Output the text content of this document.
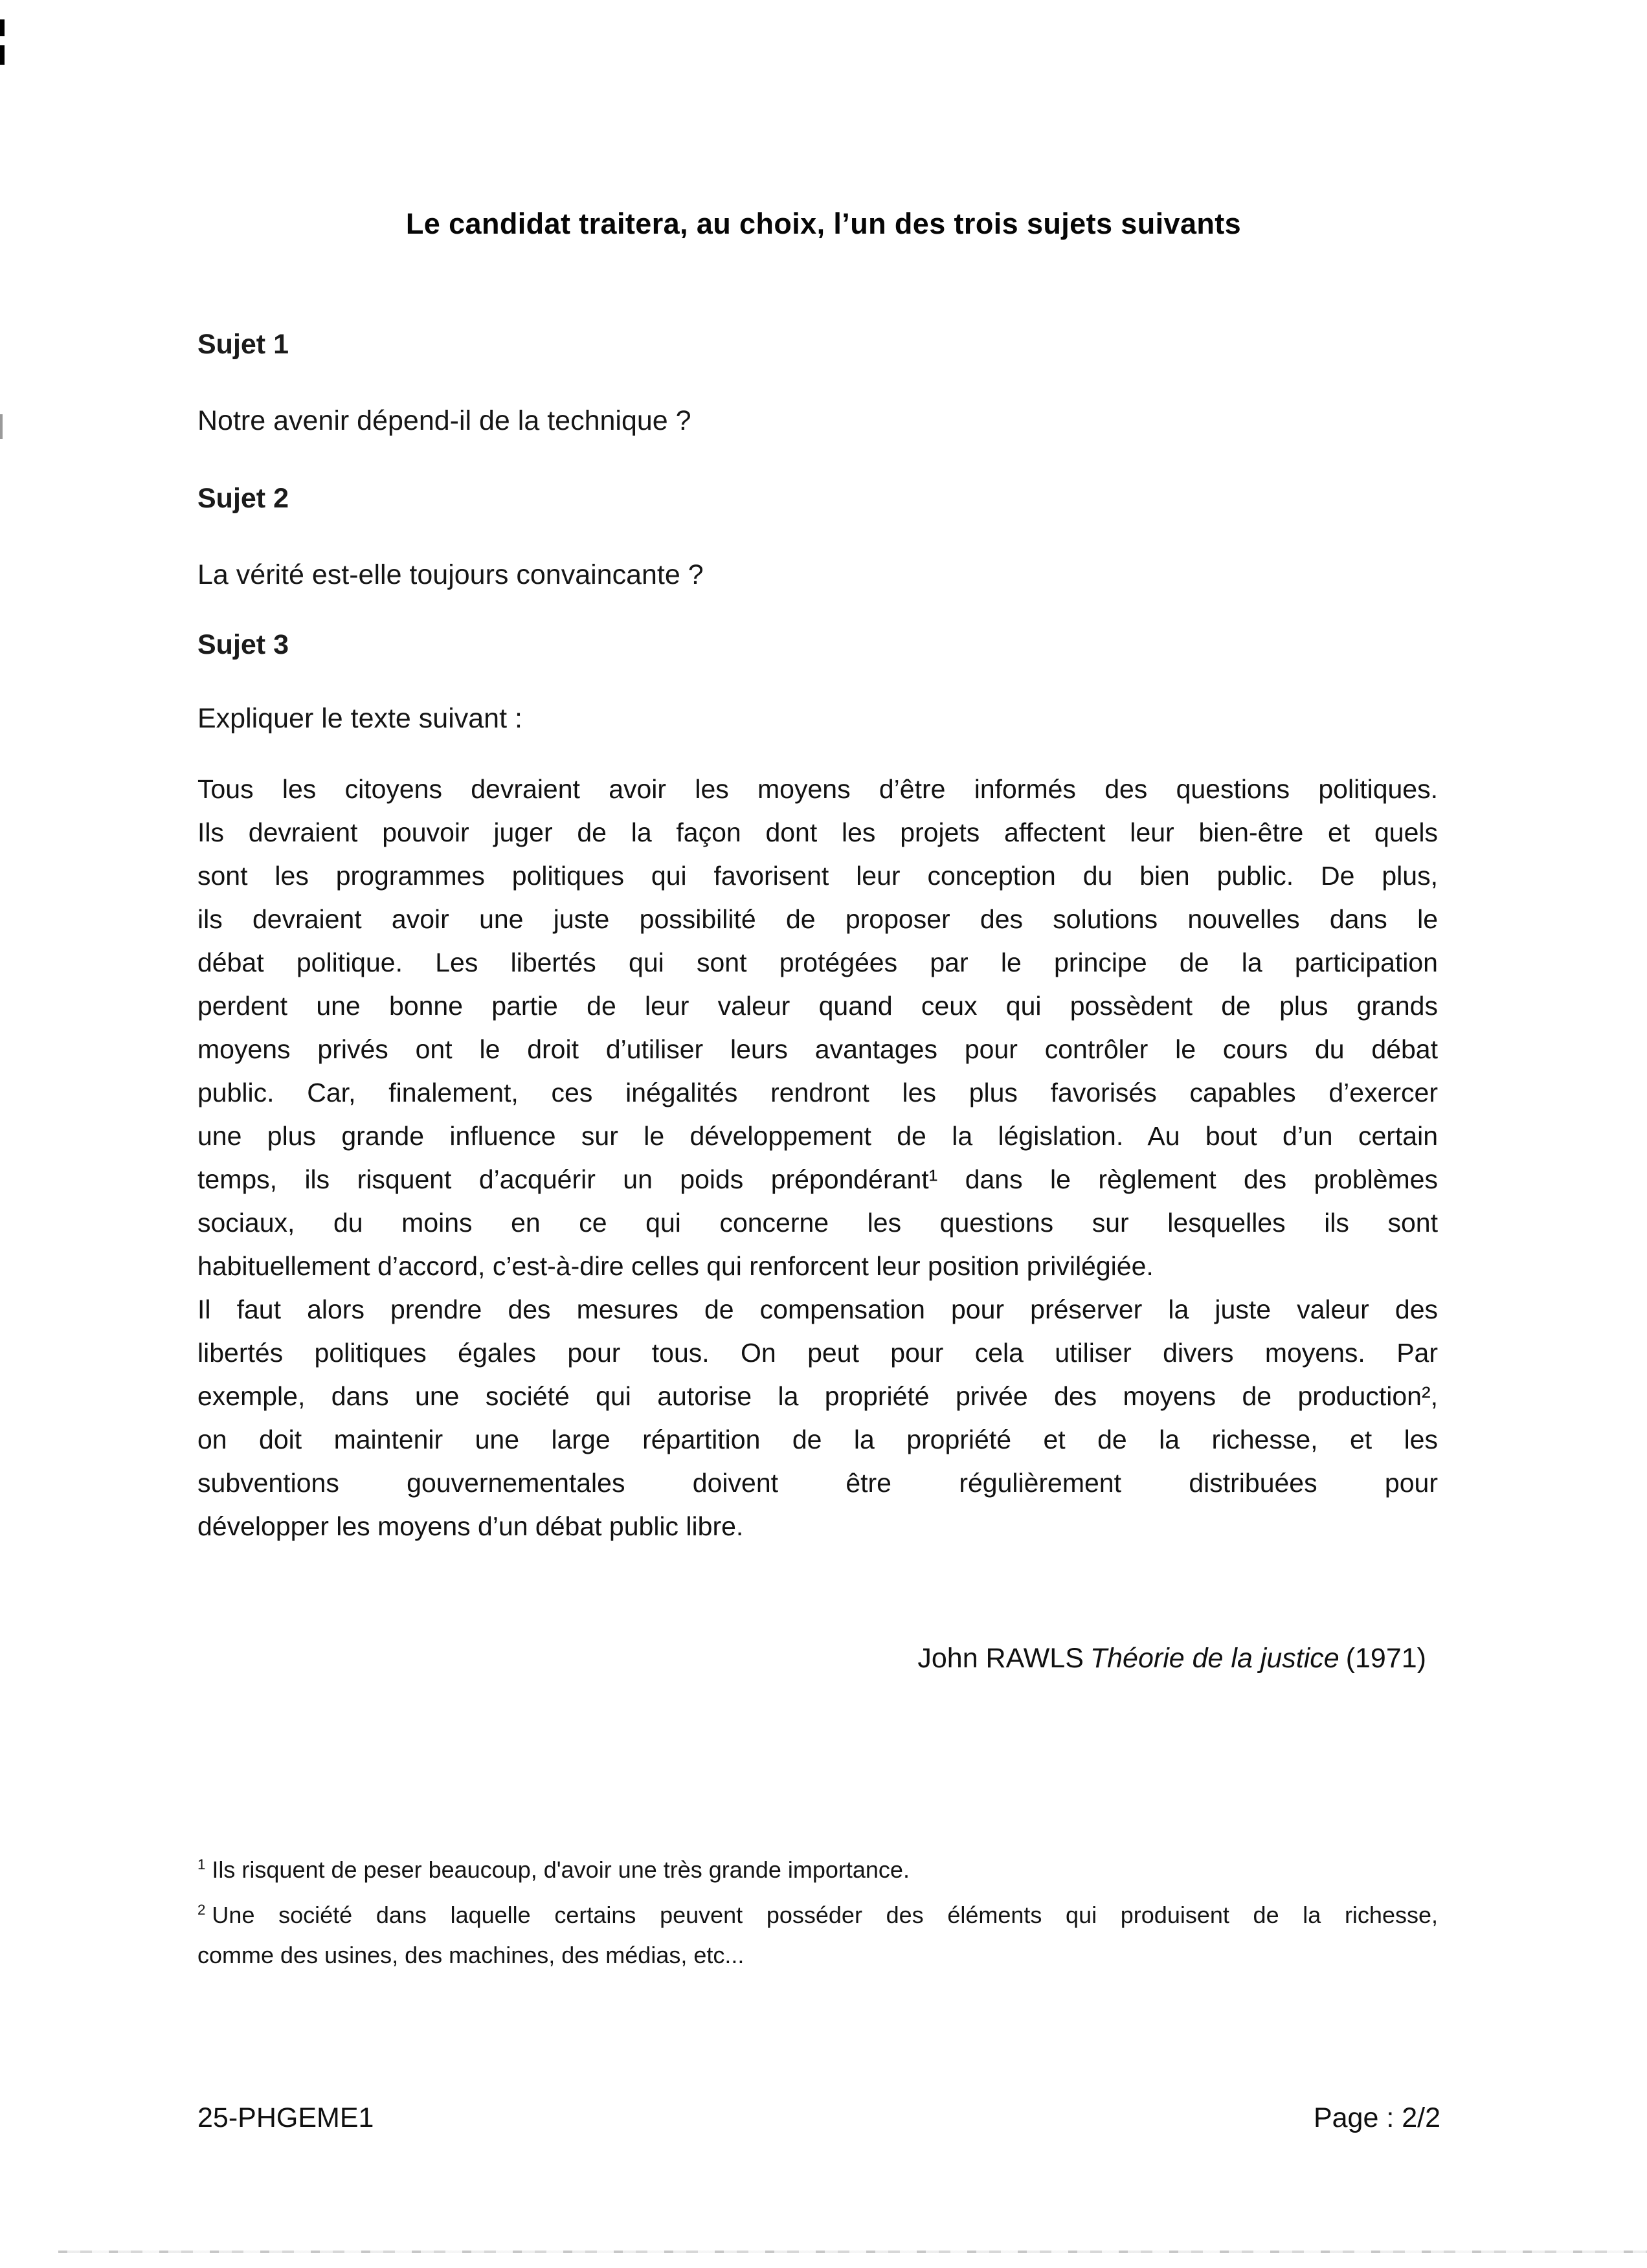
Le candidat traitera, au choix, l’un des trois sujets suivants
Sujet 1
Notre avenir dépend-il de la technique ?
Sujet 2
La vérité est-elle toujours convaincante ?
Sujet 3
Expliquer le texte suivant :
Tous les citoyens devraient avoir les moyens d’être informés des questions politiques.
Ils devraient pouvoir juger de la façon dont les projets affectent leur bien-être et quels
sont les programmes politiques qui favorisent leur conception du bien public. De plus,
ils devraient avoir une juste possibilité de proposer des solutions nouvelles dans le
débat politique. Les libertés qui sont protégées par le principe de la participation
perdent une bonne partie de leur valeur quand ceux qui possèdent de plus grands
moyens privés ont le droit d’utiliser leurs avantages pour contrôler le cours du débat
public. Car, finalement, ces inégalités rendront les plus favorisés capables d’exercer
une plus grande influence sur le développement de la législation. Au bout d’un certain
temps, ils risquent d’acquérir un poids prépondérant¹ dans le règlement des problèmes
sociaux, du moins en ce qui concerne les questions sur lesquelles ils sont
habituellement d’accord, c’est-à-dire celles qui renforcent leur position privilégiée.
Il faut alors prendre des mesures de compensation pour préserver la juste valeur des
libertés politiques égales pour tous. On peut pour cela utiliser divers moyens. Par
exemple, dans une société qui autorise la propriété privée des moyens de production²,
on doit maintenir une large répartition de la propriété et de la richesse, et les
subventions gouvernementales doivent être régulièrement distribuées pour
développer les moyens d’un débat public libre.
John RAWLS Théorie de la justice (1971)
$^1$ Ils risquent de peser beaucoup, d'avoir une très grande importance.
$^2$ Une société dans laquelle certains peuvent posséder des éléments qui produisent de la richesse,
comme des usines, des machines, des médias, etc...
25-PHGEME1	Page : 2/2
